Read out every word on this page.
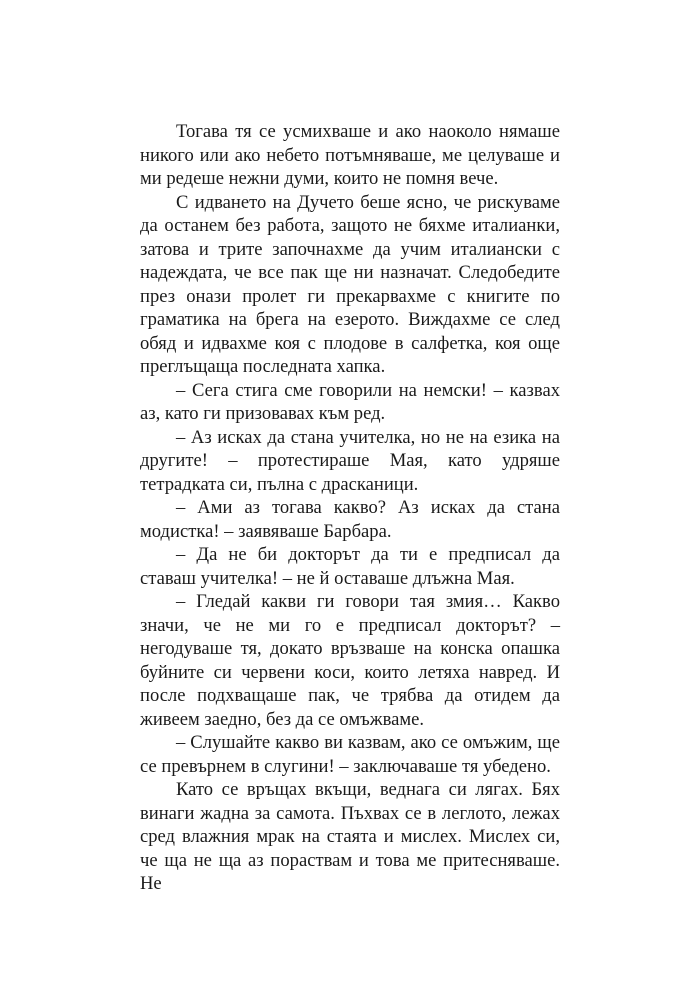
Тогава тя се усмихваше и ако наоколо нямаше никого или ако небето потъмняваше, ме целуваше и ми редеше нежни думи, които не помня вече.

С идването на Дучето беше ясно, че рискуваме да останем без работа, защото не бяхме италианки, затова и трите започнахме да учим италиански с надеждата, че все пак ще ни назначат. Следобедите през онази пролет ги прекарвахме с книгите по граматика на брега на езерото. Виждахме се след обяд и идвахме коя с плодове в салфетка, коя още преглъщаща последната хапка.

– Сега стига сме говорили на немски! – казвах аз, като ги призовавах към ред.

– Аз исках да стана учителка, но не на езика на другите! – протестираше Мая, като удряше тетрадката си, пълна с драсканици.

– Ами аз тогава какво? Аз исках да стана модистка! – заявяваше Барбара.

– Да не би докторът да ти е предписал да ставаш учителка! – не й оставаше длъжна Мая.

– Гледай какви ги говори тая змия… Какво значи, че не ми го е предписал докторът? – негодуваше тя, докато връзваше на конска опашка буйните си червени коси, които летяха навред. И после подхващаше пак, че трябва да отидем да живеем заедно, без да се омъжваме.

– Слушайте какво ви казвам, ако се омъжим, ще се превърнем в слугини! – заключаваше тя убедено.

Като се връщах вкъщи, веднага си лягах. Бях винаги жадна за самота. Пъхвах се в леглото, лежах сред влажния мрак на стаята и мислех. Мислех си, че ща не ща аз пораствам и това ме притесняваше. Не
